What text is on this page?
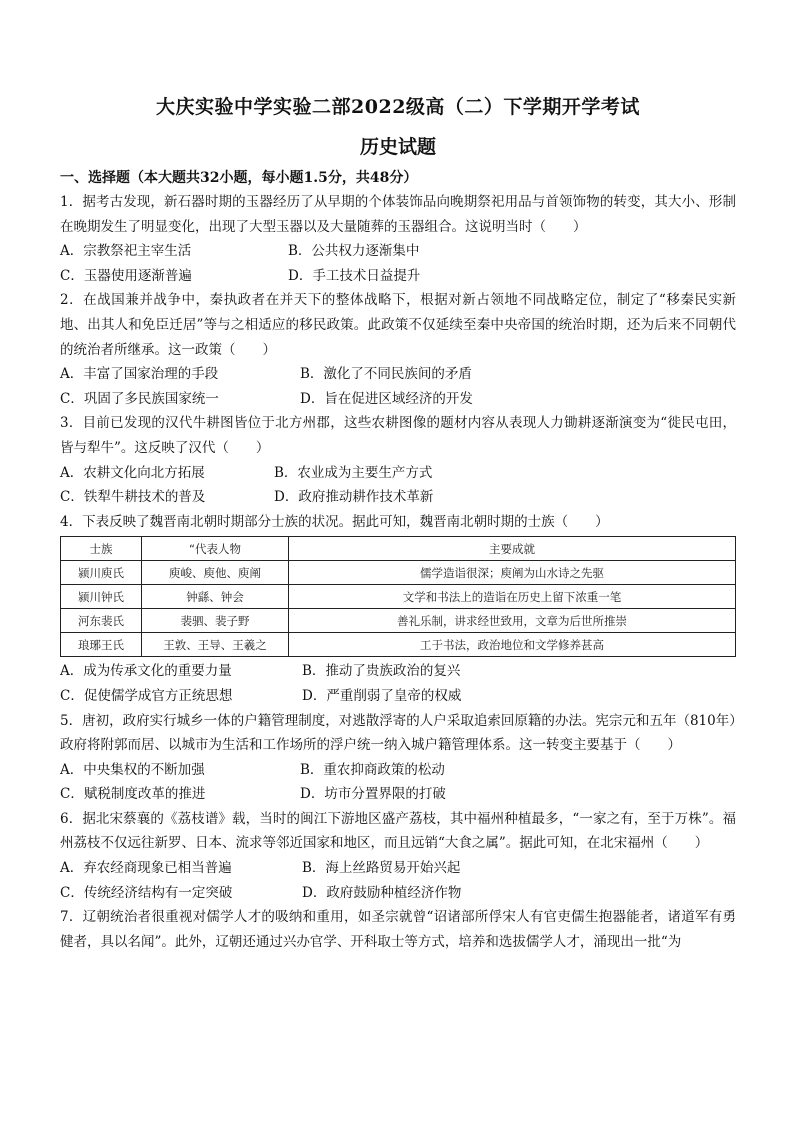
大庆实验中学实验二部2022级高（二）下学期开学考试
历史试题
一、选择题（本大题共32小题，每小题1.5分，共48分）
1．据考古发现，新石器时期的玉器经历了从早期的个体装饰品向晚期祭祀用品与首领饰物的转变，其大小、形制在晚期发生了明显变化，出现了大型玉器以及大量随葬的玉器组合。这说明当时（　　）
A．宗教祭祀主宰生活	B．公共权力逐渐集中
C．玉器使用逐渐普遍	D．手工技术日益提升
2．在战国兼并战争中，秦执政者在并天下的整体战略下，根据对新占领地不同战略定位，制定了“移秦民实新地、出其人和免臣迁居”等与之相适应的移民政策。此政策不仅延续至秦中央帝国的统治时期，还为后来不同朝代的统治者所继承。这一政策（　　）
A．丰富了国家治理的手段	B．激化了不同民族间的矛盾
C．巩固了多民族国家统一	D．旨在促进区域经济的开发
3．目前已发现的汉代牛耕图皆位于北方州郡，这些农耕图像的题材内容从表现人力锄耕逐渐演变为“徙民屯田，皆与犁牛”。这反映了汉代（　　）
A．农耕文化向北方拓展	B．农业成为主要生产方式
C．铁犁牛耕技术的普及	D．政府推动耕作技术革新
4．下表反映了魏晋南北朝时期部分士族的状况。据此可知，魏晋南北朝时期的士族（　　）
士族	“代表人物	主要成就
颍川庾氏	庾峻、庾他、庾阐	儒学造诣很深；庾阐为山水诗之先驱
颍川钟氏	钟繇、钟会	文学和书法上的造诣在历史上留下浓重一笔
河东裴氏	裴驷、裴子野	善礼乐制，讲求经世致用，文章为后世所推崇
琅琊王氏	王敦、王导、王羲之	工于书法，政治地位和文学修养甚高
A．成为传承文化的重要力量	B．推动了贵族政治的复兴
C．促使儒学成官方正统思想	D．严重削弱了皇帝的权威
5．唐初，政府实行城乡一体的户籍管理制度，对逃散浮寄的人户采取追索回原籍的办法。宪宗元和五年（810年）政府将附郭而居、以城市为生活和工作场所的浮户统一纳入城户籍管理体系。这一转变主要基于（　　）
A．中央集权的不断加强	B．重农抑商政策的松动
C．赋税制度改革的推进	D．坊市分置界限的打破
6．据北宋蔡襄的《荔枝谱》载，当时的闽江下游地区盛产荔枝，其中福州种植最多，“一家之有，至于万株”。福州荔枝不仅远往新罗、日本、流求等邻近国家和地区，而且远销“大食之属”。据此可知，在北宋福州（　　）
A．弃农经商现象已相当普遍	B．海上丝路贸易开始兴起
C．传统经济结构有一定突破	D．政府鼓励种植经济作物
7．辽朝统治者很重视对儒学人才的吸纳和重用，如圣宗就曾“诏诸部所俘宋人有官吏儒生抱器能者，诸道军有勇健者，具以名闻”。此外，辽朝还通过兴办官学、开科取士等方式，培养和选拔儒学人才，涌现出一批“为
